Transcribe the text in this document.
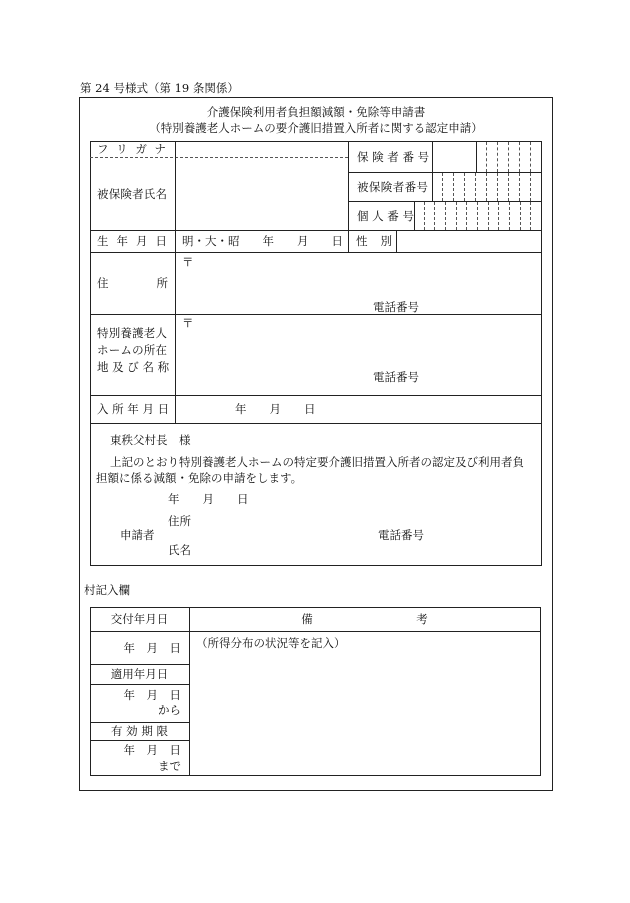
第 24 号様式（第 19 条関係）
介護保険利用者負担額減額・免除等申請書
（特別養護老人ホームの要介護旧措置入所者に関する認定申請）
フ リ ガ ナ
被保険者氏名
生 年 月 日
住　　　所
特別養護老人
ホームの所在
地 及 び 名 称
入 所 年 月 日
保 険 者 番 号
被保険者番号
個 人 番 号
性　別
明・大・昭　　年　　月　　日
〒
電話番号
〒
電話番号
年　　月　　日
東秩父村長　様
上記のとおり特別養護老人ホームの特定要介護旧措置入所者の認定及び利用者負
担額に係る減額・免除の申請をします。
年　　月　　日
住所
申請者	電話番号
氏名
村記入欄
交付年月日	備　　　　　　　　　考
年　月　日 （所得分布の状況等を記入）
適用年月日
年　月　日
から
有 効 期 限
年　月　日
まで
